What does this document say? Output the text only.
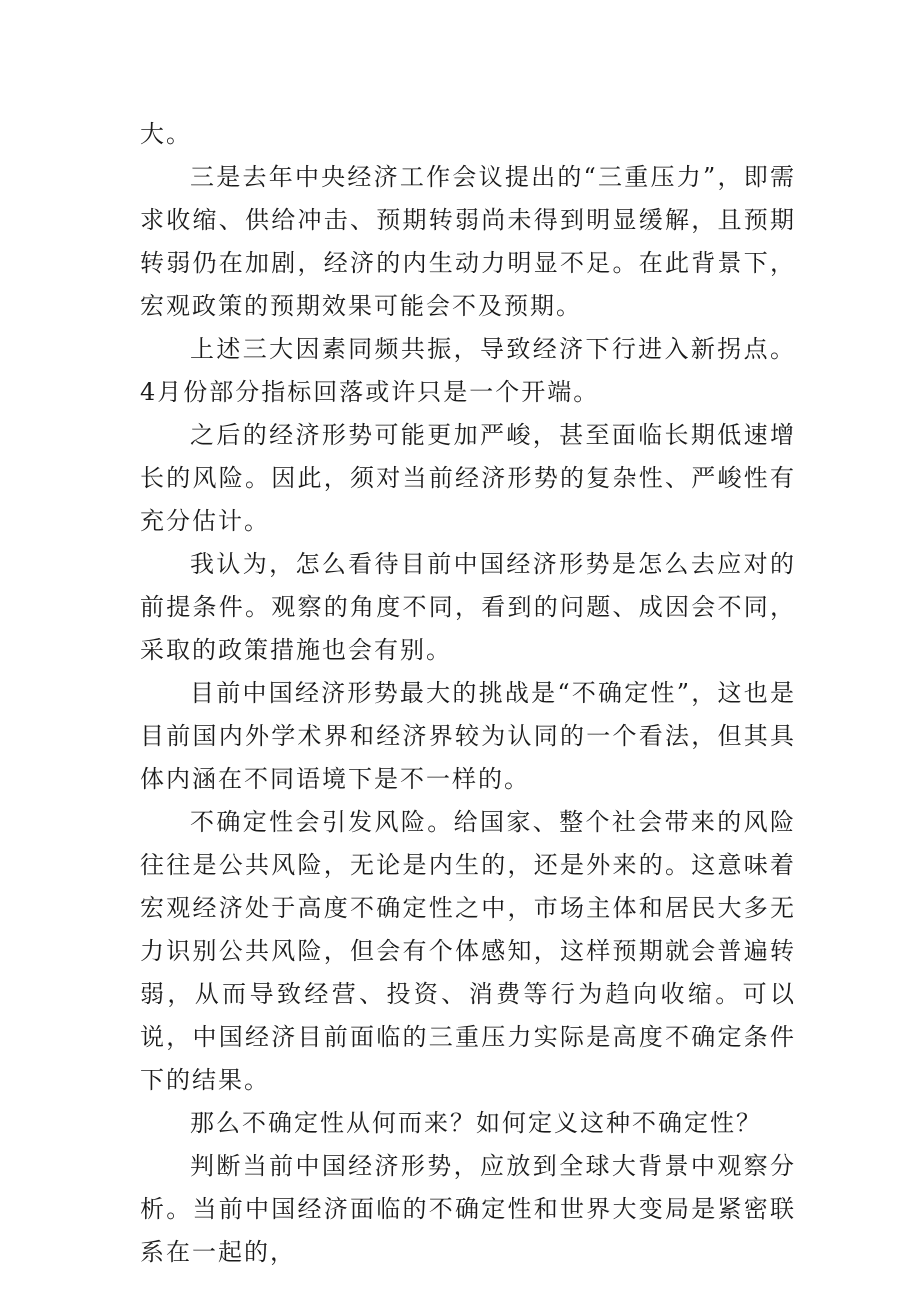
大。

三是去年中央经济工作会议提出的“三重压力”，即需求收缩、供给冲击、预期转弱尚未得到明显缓解，且预期转弱仍在加剧，经济的内生动力明显不足。在此背景下，宏观政策的预期效果可能会不及预期。

上述三大因素同频共振，导致经济下行进入新拐点。4月份部分指标回落或许只是一个开端。

之后的经济形势可能更加严峻，甚至面临长期低速增长的风险。因此，须对当前经济形势的复杂性、严峻性有充分估计。

我认为，怎么看待目前中国经济形势是怎么去应对的前提条件。观察的角度不同，看到的问题、成因会不同，采取的政策措施也会有别。

目前中国经济形势最大的挑战是“不确定性”，这也是目前国内外学术界和经济界较为认同的一个看法，但其具体内涵在不同语境下是不一样的。

不确定性会引发风险。给国家、整个社会带来的风险往往是公共风险，无论是内生的，还是外来的。这意味着宏观经济处于高度不确定性之中，市场主体和居民大多无力识别公共风险，但会有个体感知，这样预期就会普遍转弱，从而导致经营、投资、消费等行为趋向收缩。可以说，中国经济目前面临的三重压力实际是高度不确定条件下的结果。

那么不确定性从何而来？如何定义这种不确定性？

判断当前中国经济形势，应放到全球大背景中观察分析。当前中国经济面临的不确定性和世界大变局是紧密联系在一起的，
